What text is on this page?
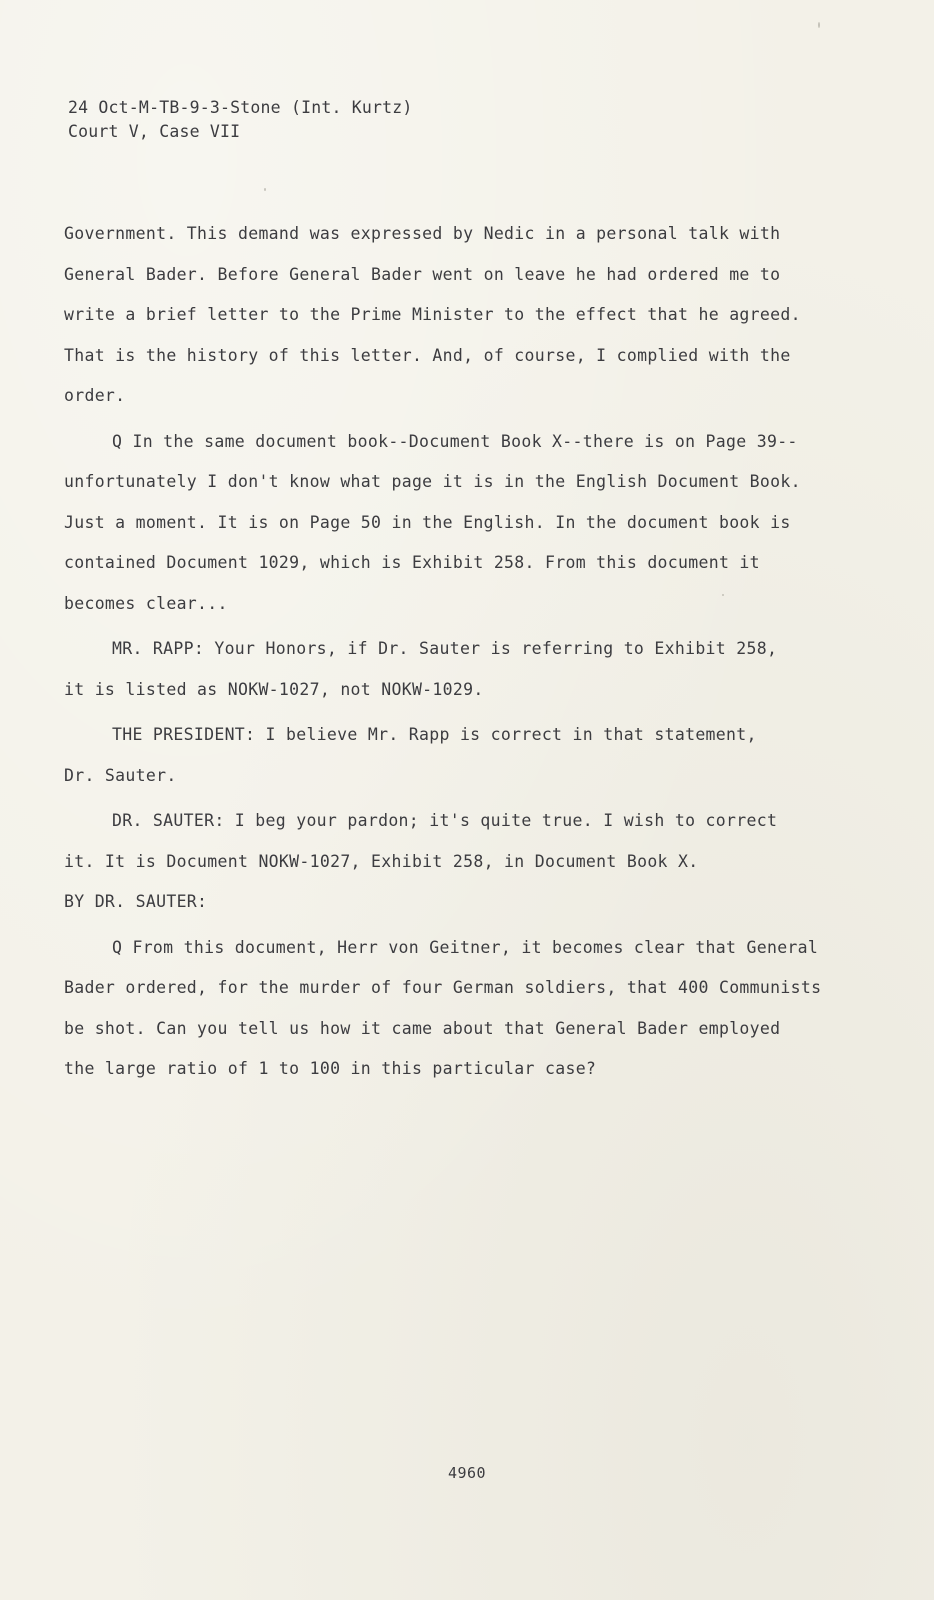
24 Oct-M-TB-9-3-Stone (Int. Kurtz)
Court V, Case VII
Government. This demand was expressed by Nedic in a personal talk with
General Bader. Before General Bader went on leave he had ordered me to
write a brief letter to the Prime Minister to the effect that he agreed.
That is the history of this letter. And, of course, I complied with the
order.
Q In the same document book--Document Book X--there is on Page 39--
unfortunately I don't know what page it is in the English Document Book.
Just a moment. It is on Page 50 in the English. In the document book is
contained Document 1029, which is Exhibit 258. From this document it
becomes clear...
MR. RAPP: Your Honors, if Dr. Sauter is referring to Exhibit 258,
it is listed as NOKW-1027, not NOKW-1029.
THE PRESIDENT: I believe Mr. Rapp is correct in that statement,
Dr. Sauter.
DR. SAUTER: I beg your pardon; it's quite true. I wish to correct
it. It is Document NOKW-1027, Exhibit 258, in Document Book X.
BY DR. SAUTER:
Q From this document, Herr von Geitner, it becomes clear that General
Bader ordered, for the murder of four German soldiers, that 400 Communists
be shot. Can you tell us how it came about that General Bader employed
the large ratio of 1 to 100 in this particular case?
4960
